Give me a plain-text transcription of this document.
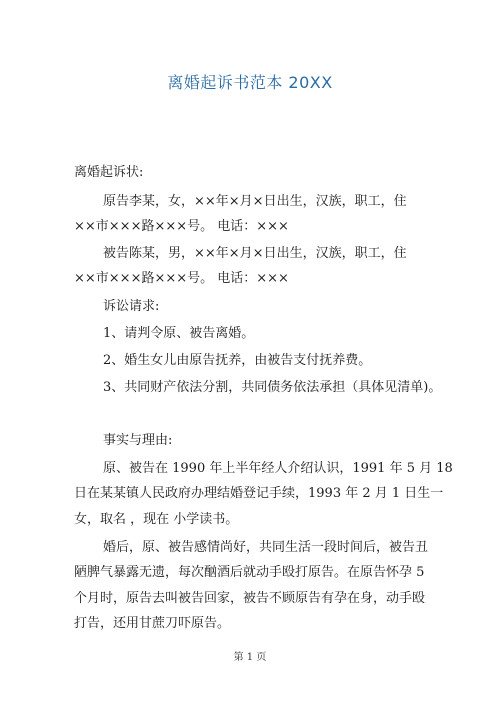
离婚起诉书范本 20XX
离婚起诉状:
原告李某，女，××年×月×日出生，汉族，职工，住
××市×××路×××号。 电话：×××
被告陈某，男，××年×月×日出生，汉族，职工，住
××市×××路×××号。 电话：×××
诉讼请求:
1、请判令原、被告离婚。
2、婚生女儿由原告抚养，由被告支付抚养费。
3、共同财产依法分割，共同债务依法承担（具体见清单)。
事实与理由:
原、被告在 1990 年上半年经人介绍认识，1991 年 5 月 18
日在某某镇人民政府办理结婚登记手续，1993 年 2 月 1 日生一
女，取名 ，现在 小学读书。
婚后，原、被告感情尚好，共同生活一段时间后，被告丑
陋脾气暴露无遗，每次酗酒后就动手殴打原告。在原告怀孕 5
个月时，原告去叫被告回家，被告不顾原告有孕在身，动手殴
打告，还用甘蔗刀吓原告。
第 1 页
